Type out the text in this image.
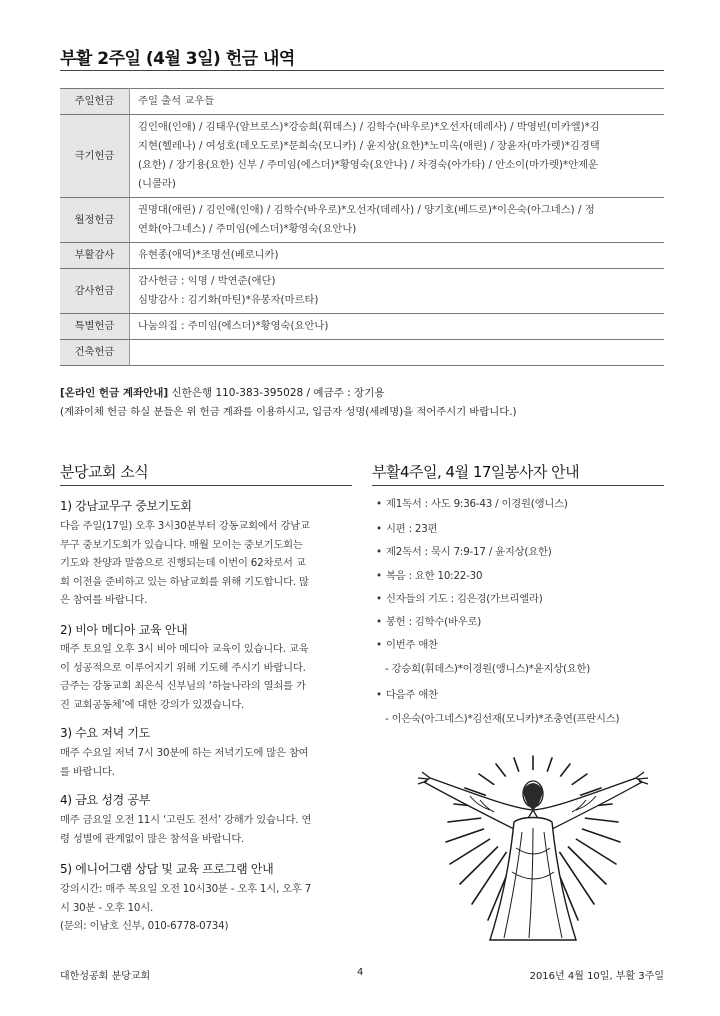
부활 2주일 (4월 3일) 헌금 내역
주일헌금	주일 출석 교우들
극기헌금	김인애(인애) / 김태우(암브로스)*강승희(휘데스) / 김학수(바우로)*오선자(데레사) / 박영빈(미카엘)*김
지현(헬레나) / 여성호(데오도로)*문희숙(모니카) / 윤지상(요한)*노미옥(애린) / 장윤자(마가렛)*김경택
(요한) / 장기용(요한) 신부 / 주미임(에스더)*황영숙(요안나) / 차경숙(아가타) / 안소이(마가렛)*안제운
(니콜라)
월정헌금	권명대(애린) / 김인애(인애) / 김학수(바우로)*오선자(데레사) / 양기호(베드로)*이은숙(아그네스) / 정
연화(아그네스) / 주미임(에스더)*황영숙(요안나)
부활감사	유현종(애덕)*조명선(베로니카)
감사헌금	감사헌금 : 익명 / 박연준(애단)
심방감사 : 김기화(마틴)*유봉자(마르타)
특별헌금	나눔의집 : 주미임(에스더)*황영숙(요안나)
건축헌금	
[온라인 헌금 계좌안내] 신한은행 110-383-395028 / 예금주 : 장기용
(계좌이체 헌금 하실 분들은 위 헌금 계좌를 이용하시고, 입금자 성명(세례명)을 적어주시기 바랍니다.)
분당교회 소식
1) 강남교무구 중보기도회
다음 주일(17일) 오후 3시30분부터 강동교회에서 강남교
무구 중보기도회가 있습니다. 매월 모이는 중보기도회는
기도와 찬양과 말씀으로 진행되는데 이번이 62차로서 교
회 이전을 준비하고 있는 하남교회를 위해 기도합니다. 많
은 참여를 바랍니다.
2) 비아 메디아 교육 안내
매주 토요일 오후 3시 비아 메디아 교육이 있습니다. 교육
이 성공적으로 이루어지기 위해 기도해 주시기 바랍니다.
금주는 강동교회 최은식 신부님의 ‘하늘나라의 열쇠를 가
진 교회공동체’에 대한 강의가 있겠습니다.
3) 수요 저녁 기도
매주 수요일 저녁 7시 30분에 하는 저녁기도에 많은 참여
를 바랍니다.
4) 금요 성경 공부
매주 금요일 오전 11시 ‘고린도 전서’ 강해가 있습니다. 연
령 성별에 관계없이 많은 참석을 바랍니다.
5) 에니어그램 상담 및 교육 프로그램 안내
강의시간: 매주 목요일 오전 10시30분 - 오후 1시, 오후 7
시 30분 - 오후 10시.
(문의: 이남호 신부, 010-6778-0734)
부활4주일, 4월 17일봉사자 안내
• 제1독서 : 사도 9:36-43 / 이경원(앵니스)
• 시편 : 23편
• 제2독서 : 묵시 7:9-17 / 윤지상(요한)
• 복음 : 요한 10:22-30
• 신자들의 기도 : 김은경(가브리엘라)
• 봉헌 : 김학수(바우로)
• 이번주 애찬
- 강승희(휘데스)*이경원(앵니스)*윤지상(요한)
• 다음주 애찬
- 이은숙(아그네스)*김선재(모니카)*조충연(프란시스)
대한성공회 분당교회	4	2016년 4월 10일, 부활 3주일
